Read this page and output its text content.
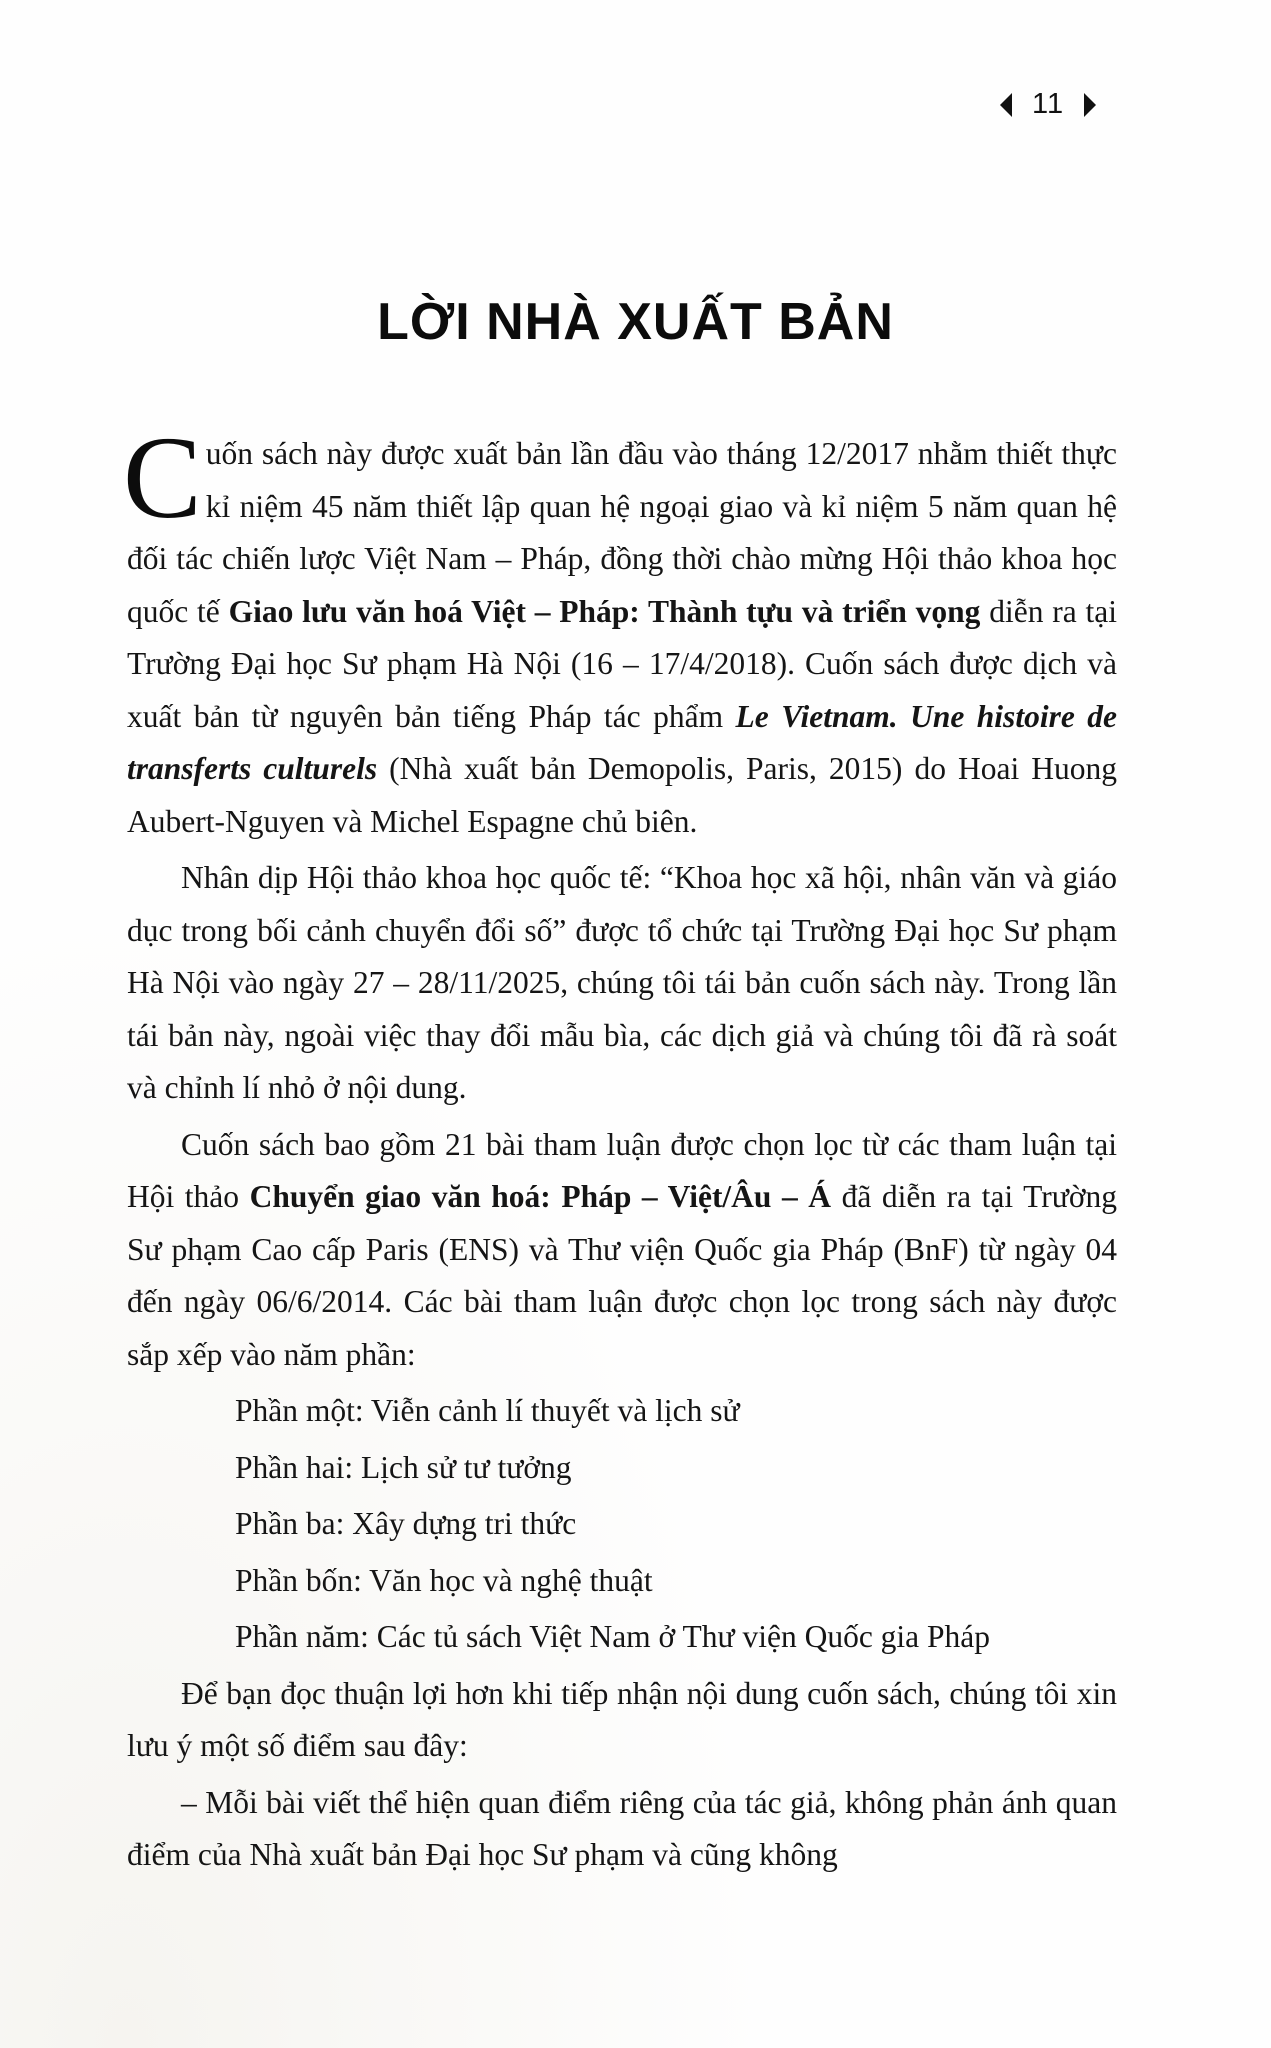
11
LỜI NHÀ XUẤT BẢN

Cuốn sách này được xuất bản lần đầu vào tháng 12/2017 nhằm thiết thực kỉ niệm 45 năm thiết lập quan hệ ngoại giao và kỉ niệm 5 năm quan hệ đối tác chiến lược Việt Nam – Pháp, đồng thời chào mừng Hội thảo khoa học quốc tế Giao lưu văn hoá Việt – Pháp: Thành tựu và triển vọng diễn ra tại Trường Đại học Sư phạm Hà Nội (16 – 17/4/2018). Cuốn sách được dịch và xuất bản từ nguyên bản tiếng Pháp tác phẩm Le Vietnam. Une histoire de transferts culturels (Nhà xuất bản Demopolis, Paris, 2015) do Hoai Huong Aubert-Nguyen và Michel Espagne chủ biên.

Nhân dịp Hội thảo khoa học quốc tế: “Khoa học xã hội, nhân văn và giáo dục trong bối cảnh chuyển đổi số” được tổ chức tại Trường Đại học Sư phạm Hà Nội vào ngày 27 – 28/11/2025, chúng tôi tái bản cuốn sách này. Trong lần tái bản này, ngoài việc thay đổi mẫu bìa, các dịch giả và chúng tôi đã rà soát và chỉnh lí nhỏ ở nội dung.

Cuốn sách bao gồm 21 bài tham luận được chọn lọc từ các tham luận tại Hội thảo Chuyển giao văn hoá: Pháp – Việt/Âu – Á đã diễn ra tại Trường Sư phạm Cao cấp Paris (ENS) và Thư viện Quốc gia Pháp (BnF) từ ngày 04 đến ngày 06/6/2014. Các bài tham luận được chọn lọc trong sách này được sắp xếp vào năm phần:

Phần một: Viễn cảnh lí thuyết và lịch sử

Phần hai: Lịch sử tư tưởng

Phần ba: Xây dựng tri thức

Phần bốn: Văn học và nghệ thuật

Phần năm: Các tủ sách Việt Nam ở Thư viện Quốc gia Pháp

Để bạn đọc thuận lợi hơn khi tiếp nhận nội dung cuốn sách, chúng tôi xin lưu ý một số điểm sau đây:

– Mỗi bài viết thể hiện quan điểm riêng của tác giả, không phản ánh quan điểm của Nhà xuất bản Đại học Sư phạm và cũng không
